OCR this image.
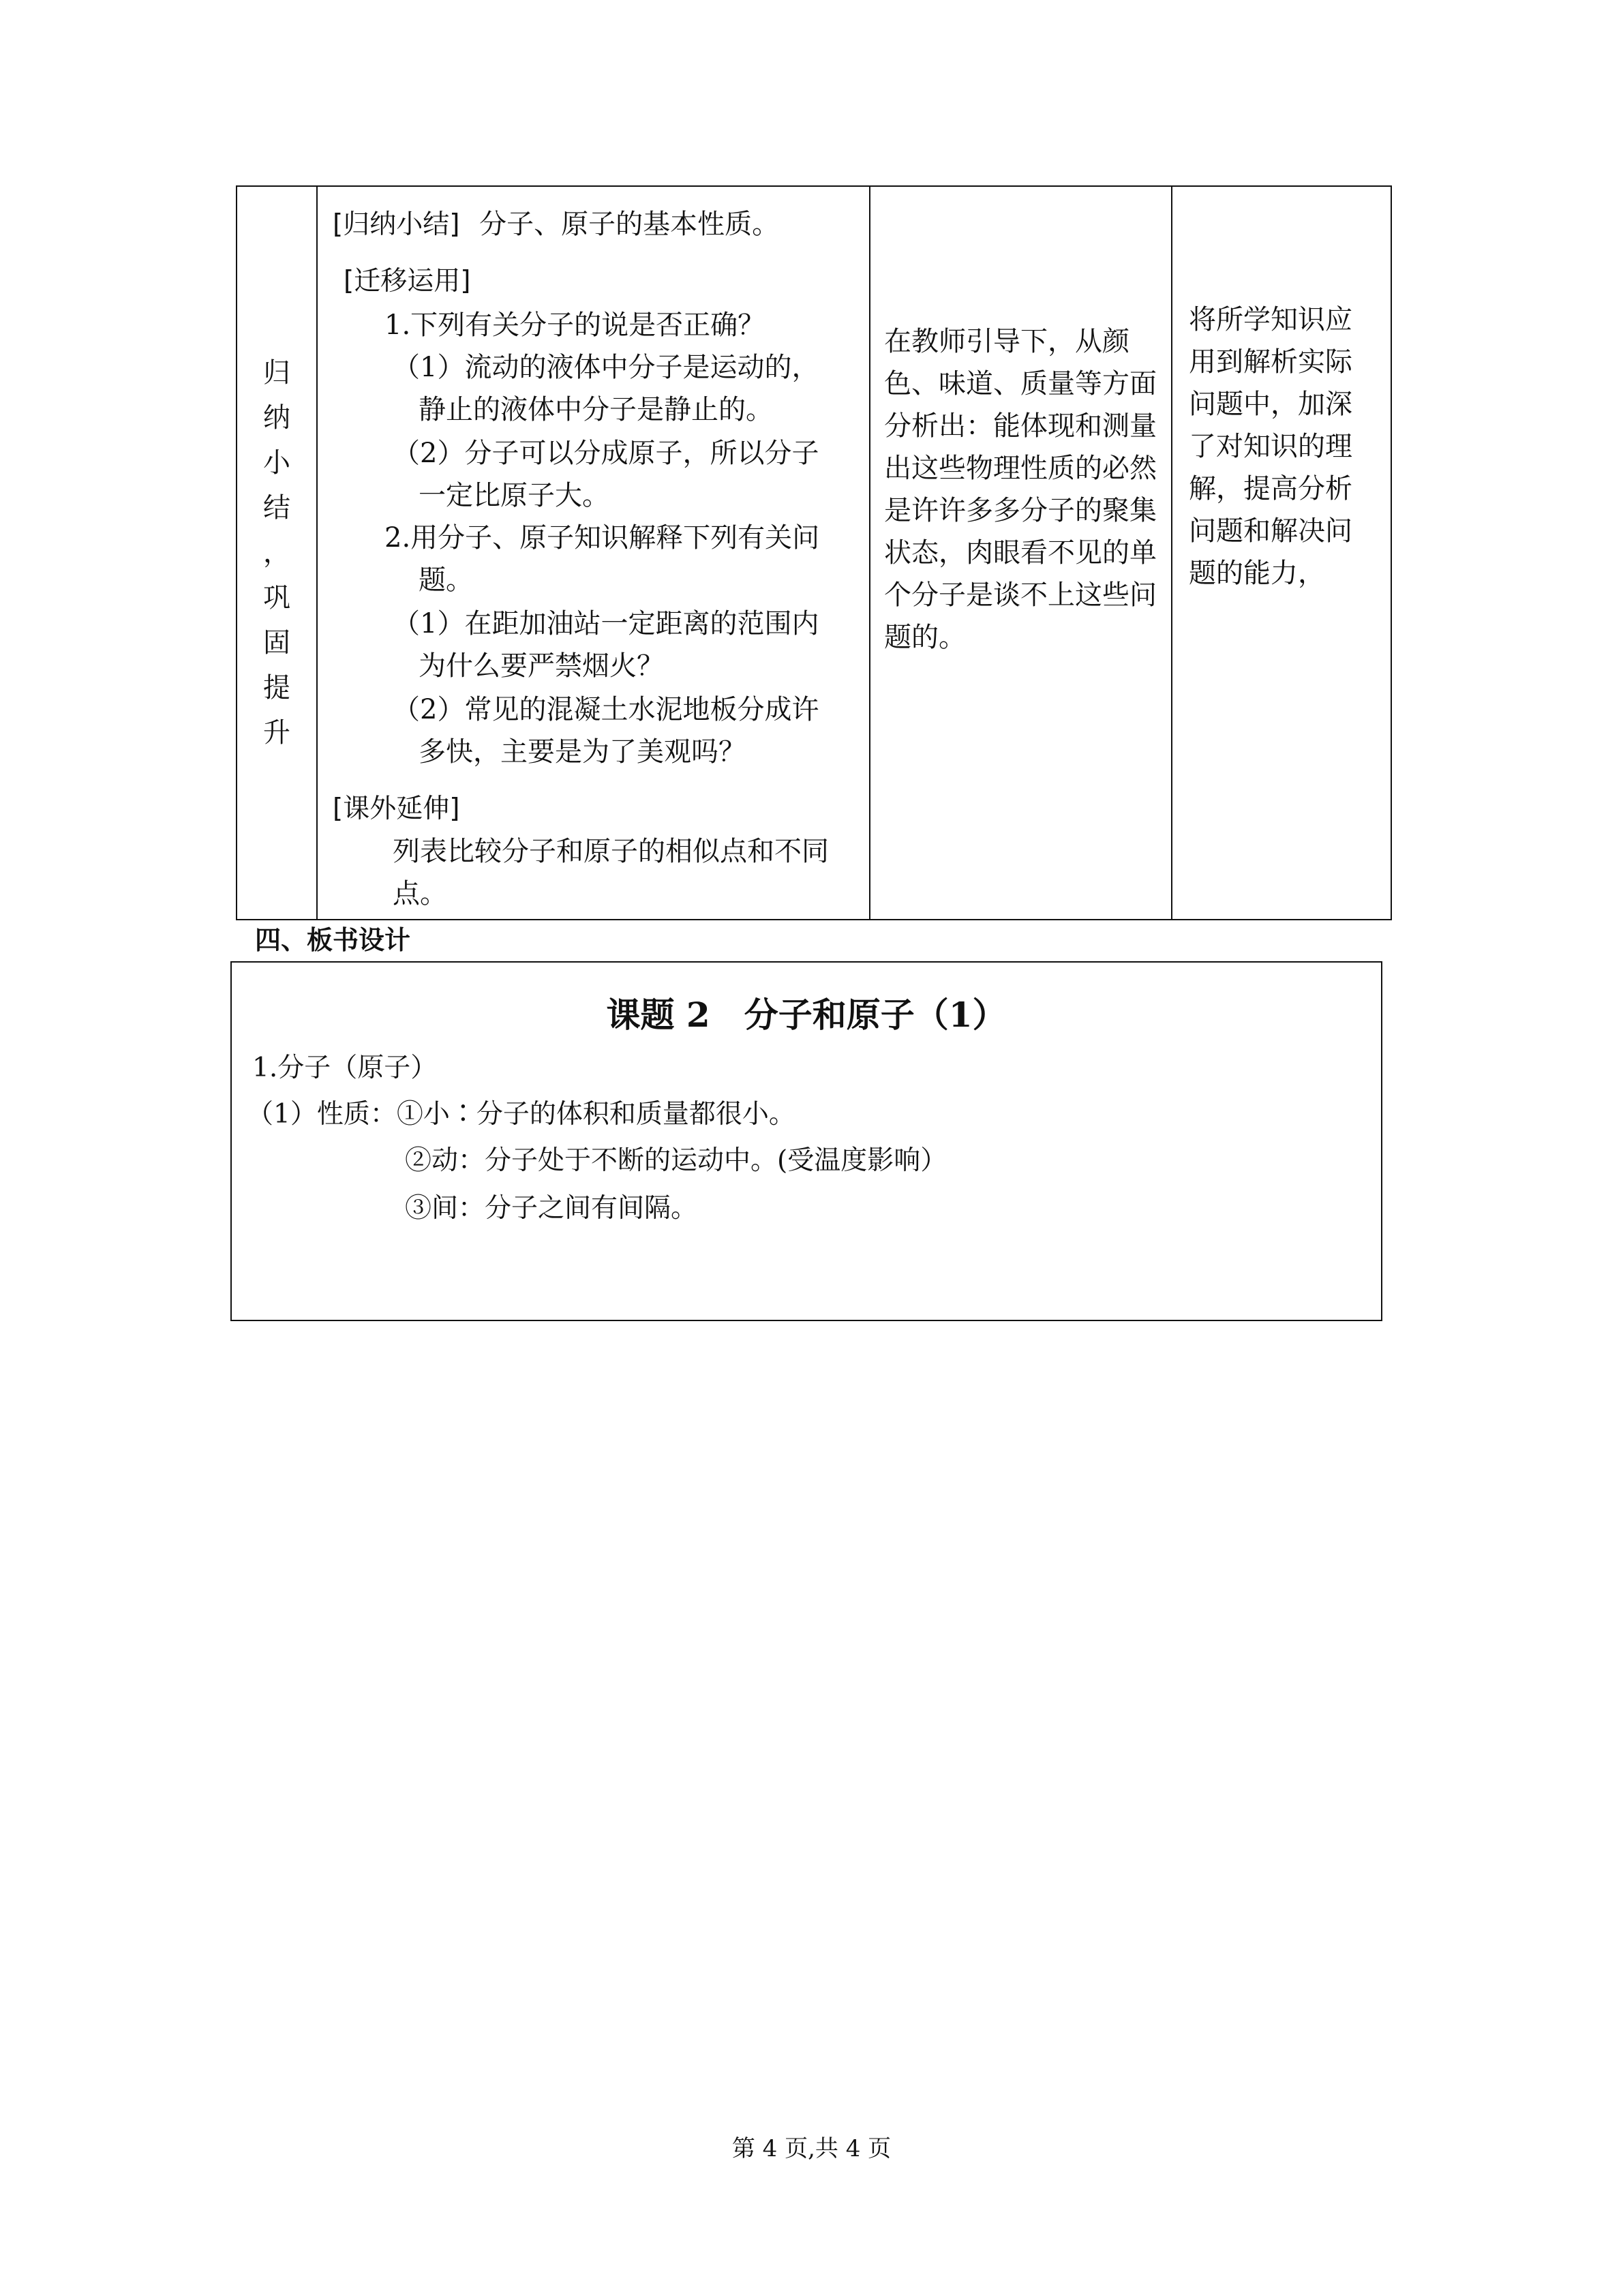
归
纳
小
结
，
巩
固
提
升

[归纳小结] 分子、原子的基本性质。
[迁移运用]
1.下列有关分子的说是否正确？
（1）流动的液体中分子是运动的，
静止的液体中分子是静止的。
（2）分子可以分成原子，所以分子
一定比原子大。
2.用分子、原子知识解释下列有关问
题。
（1）在距加油站一定距离的范围内
为什么要严禁烟火？
（2）常见的混凝土水泥地板分成许
多快，主要是为了美观吗？
[课外延伸]
列表比较分子和原子的相似点和不同
点。

在教师引导下，从颜色、味道、质量等方面分析出：能体现和测量出这些物理性质的必然是许许多多分子的聚集状态，肉眼看不见的单个分子是谈不上这些问题的。

将所学知识应用到解析实际问题中，加深了对知识的理解，提高分析问题和解决问题的能力，
四、板书设计
课题 2　分子和原子（1）
1.分子（原子）
（1）性质：①小∶分子的体积和质量都很小。
②动：分子处于不断的运动中。(受温度影响）
③间：分子之间有间隔。
第 4 页,共 4 页
